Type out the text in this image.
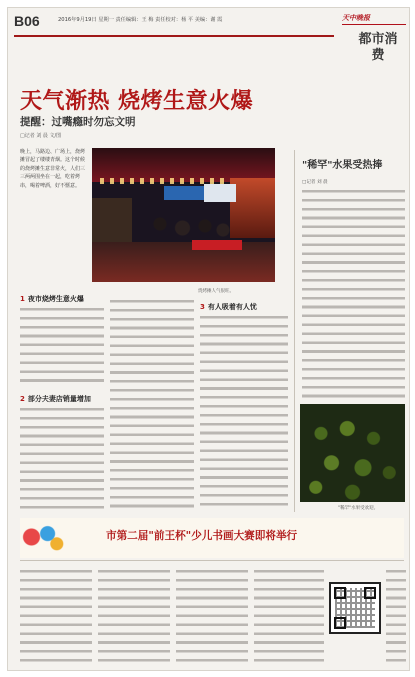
B06	2016年9月19日 星期一 责任编辑：王 梅 责任校对：杨 平 美编：谢 霞	天中晚报
都市消费
天气渐热 烧烤生意火爆
提醒：过嘴瘾时勿忘文明
□记者 刘 晨 文/图

晚上，马路边、广场上，烧烤摊冒起了缕缕青烟。这个时候的烧烤摊生意非常火，人们三三两两围坐在一起，吃着烤串，喝着啤酒，好不惬意。

烧烤摊人气很旺。
1 夜市烧烤生意火爆
2 部分夫妻店销量增加
3 有人吸着有人忧
"稀罕"水果受热捧
□记者 刘 晨
"稀罕"水果受欢迎。
市第二届"前王杯"少儿书画大赛即将举行
